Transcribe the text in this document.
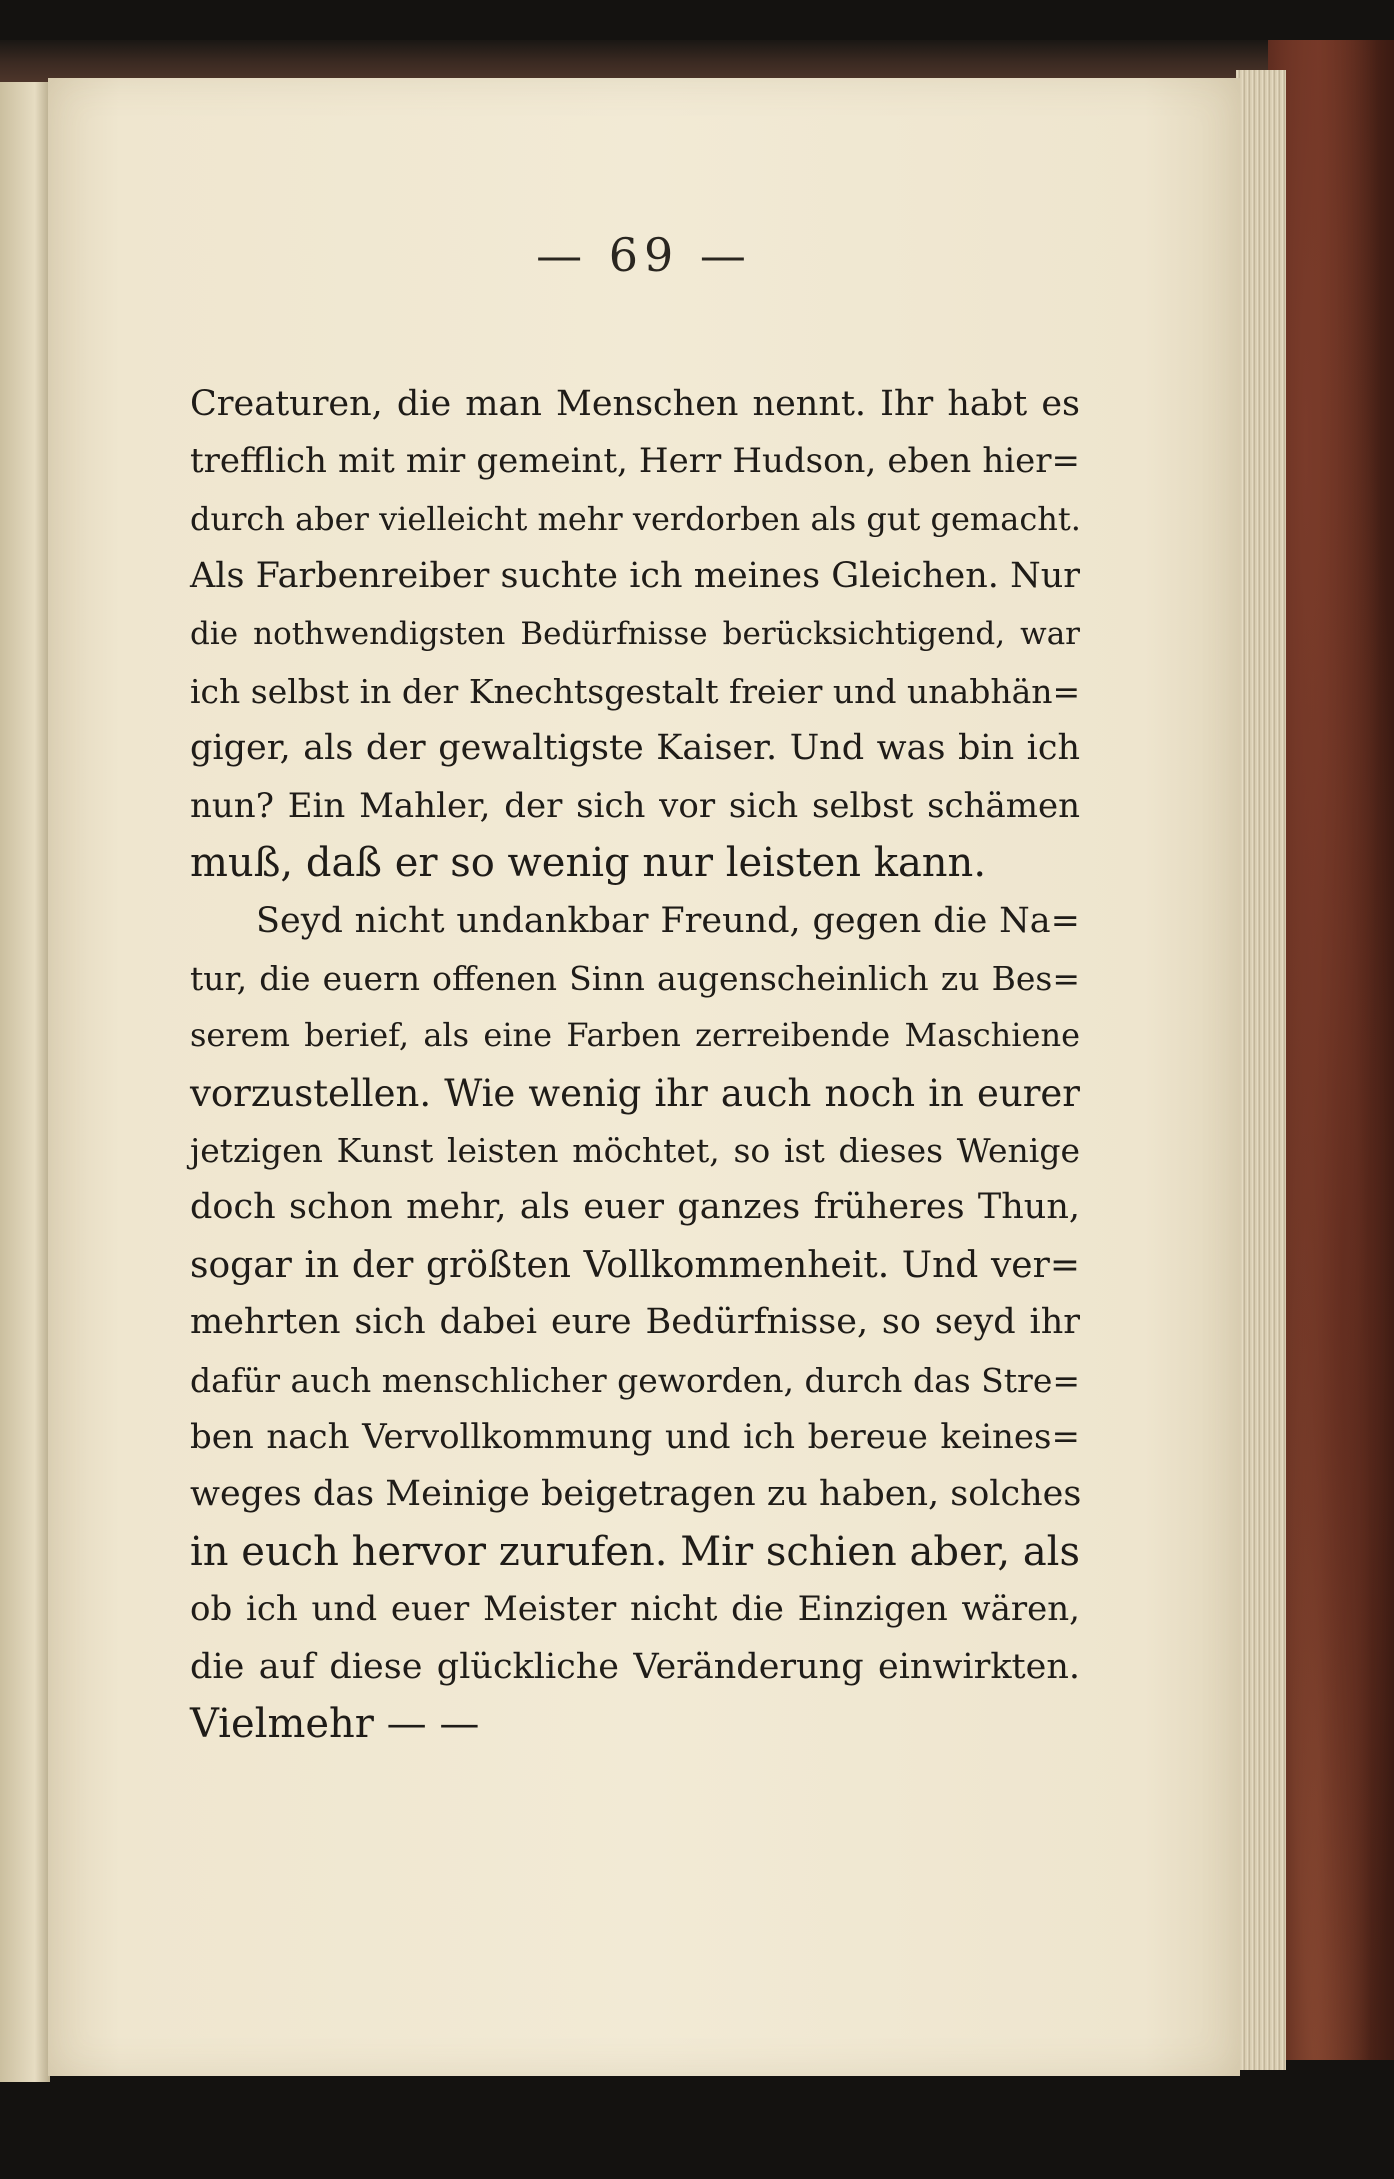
— 69 —
Creaturen, die man Menschen nennt. Ihr habt es
trefflich mit mir gemeint, Herr Hudson, eben hier=
durch aber vielleicht mehr verdorben als gut gemacht.
Als Farbenreiber suchte ich meines Gleichen. Nur
die nothwendigsten Bedürfnisse berücksichtigend, war
ich selbst in der Knechtsgestalt freier und unabhän=
giger, als der gewaltigste Kaiser. Und was bin ich
nun? Ein Mahler, der sich vor sich selbst schämen
muß, daß er so wenig nur leisten kann.
Seyd nicht undankbar Freund, gegen die Na=
tur, die euern offenen Sinn augenscheinlich zu Bes=
serem berief, als eine Farben zerreibende Maschiene
vorzustellen. Wie wenig ihr auch noch in eurer
jetzigen Kunst leisten möchtet, so ist dieses Wenige
doch schon mehr, als euer ganzes früheres Thun,
sogar in der größten Vollkommenheit. Und ver=
mehrten sich dabei eure Bedürfnisse, so seyd ihr
dafür auch menschlicher geworden, durch das Stre=
ben nach Vervollkommung und ich bereue keines=
weges das Meinige beigetragen zu haben, solches
in euch hervor zurufen. Mir schien aber, als
ob ich und euer Meister nicht die Einzigen wären,
die auf diese glückliche Veränderung einwirkten.
Vielmehr — —
